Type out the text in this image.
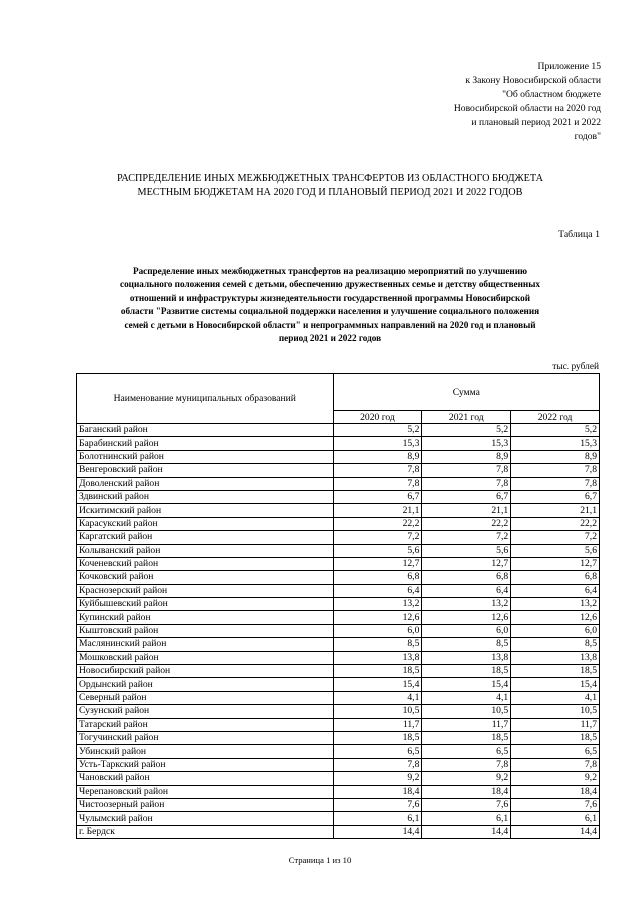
Приложение 15
к Закону Новосибирской области
"Об областном бюджете
Новосибирской области на 2020 год
и плановый период 2021 и 2022
годов"
РАСПРЕДЕЛЕНИЕ ИНЫХ МЕЖБЮДЖЕТНЫХ ТРАНСФЕРТОВ ИЗ ОБЛАСТНОГО БЮДЖЕТА
МЕСТНЫМ БЮДЖЕТАМ НА 2020 ГОД И ПЛАНОВЫЙ ПЕРИОД 2021 И 2022 ГОДОВ
Таблица 1
Распределение иных межбюджетных трансфертов на реализацию мероприятий по улучшению
социального положения семей с детьми, обеспечению дружественных семье и детству общественных
отношений и инфраструктуры жизнедеятельности государственной программы Новосибирской
области "Развитие системы социальной поддержки населения и улучшение социального положения
семей с детьми в Новосибирской области" и непрограммных направлений на 2020 год и плановый
период 2021 и 2022 годов
тыс. рублей
Наименование муниципальных образований	Сумма		
	2020 год	2021 год	2022 год
Баганский район	5,2	5,2	5,2
Барабинский район	15,3	15,3	15,3
Болотнинский район	8,9	8,9	8,9
Венгеровский район	7,8	7,8	7,8
Доволенский район	7,8	7,8	7,8
Здвинский район	6,7	6,7	6,7
Искитимский район	21,1	21,1	21,1
Карасукский район	22,2	22,2	22,2
Каргатский район	7,2	7,2	7,2
Колыванский район	5,6	5,6	5,6
Коченевский район	12,7	12,7	12,7
Кочковский район	6,8	6,8	6,8
Краснозерский район	6,4	6,4	6,4
Куйбышевский район	13,2	13,2	13,2
Купинский район	12,6	12,6	12,6
Кыштовский район	6,0	6,0	6,0
Маслянинский район	8,5	8,5	8,5
Мошковский район	13,8	13,8	13,8
Новосибирский район	18,5	18,5	18,5
Ордынский район	15,4	15,4	15,4
Северный район	4,1	4,1	4,1
Сузунский район	10,5	10,5	10,5
Татарский район	11,7	11,7	11,7
Тогучинский район	18,5	18,5	18,5
Убинский район	6,5	6,5	6,5
Усть-Таркский район	7,8	7,8	7,8
Чановский район	9,2	9,2	9,2
Черепановский район	18,4	18,4	18,4
Чистоозерный район	7,6	7,6	7,6
Чулымский район	6,1	6,1	6,1
г. Бердск	14,4	14,4	14,4
Страница 1 из 10
